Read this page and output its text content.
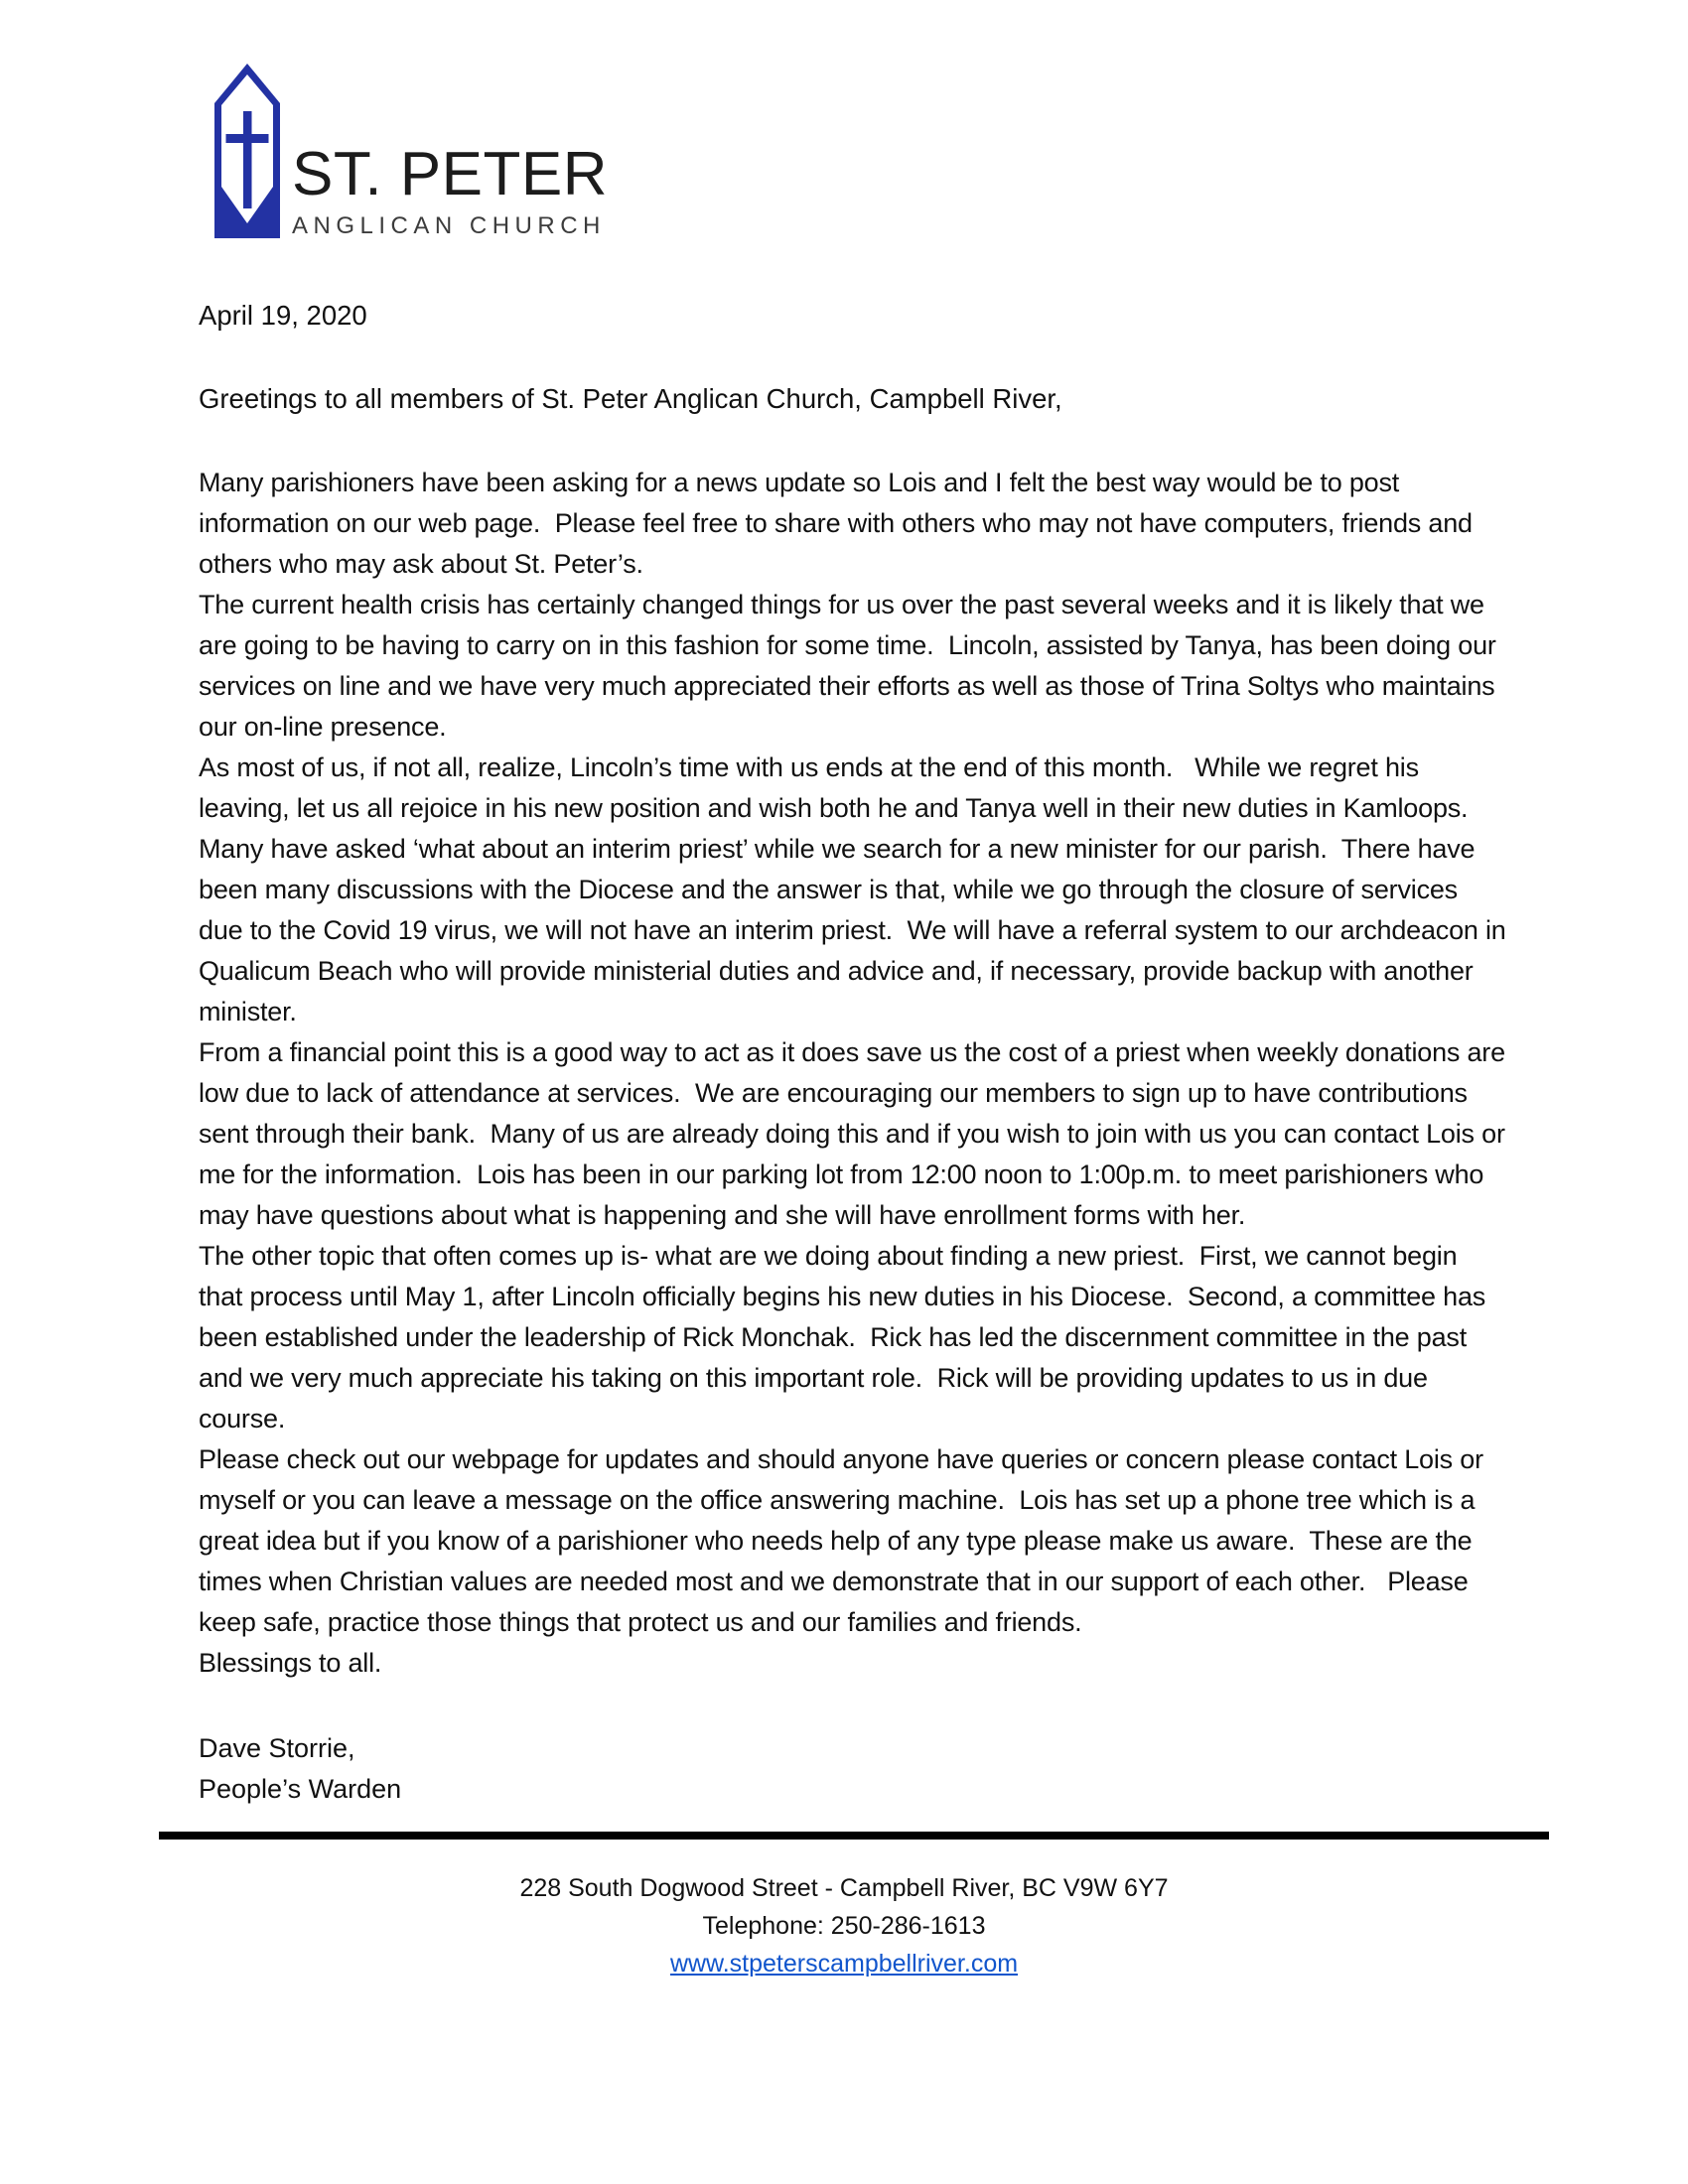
ST. PETER
ANGLICAN CHURCH
April 19, 2020
Greetings to all members of St. Peter Anglican Church, Campbell River,

Many parishioners have been asking for a news update so Lois and I felt the best way would be to post information on our web page.  Please feel free to share with others who may not have computers, friends and others who may ask about St. Peter’s.

The current health crisis has certainly changed things for us over the past several weeks and it is likely that we are going to be having to carry on in this fashion for some time.  Lincoln, assisted by Tanya, has been doing our services on line and we have very much appreciated their efforts as well as those of Trina Soltys who maintains our on-line presence.

As most of us, if not all, realize, Lincoln’s time with us ends at the end of this month.   While we regret his leaving, let us all rejoice in his new position and wish both he and Tanya well in their new duties in Kamloops.

Many have asked ‘what about an interim priest’ while we search for a new minister for our parish.  There have been many discussions with the Diocese and the answer is that, while we go through the closure of services due to the Covid 19 virus, we will not have an interim priest.  We will have a referral system to our archdeacon in Qualicum Beach who will provide ministerial duties and advice and, if necessary, provide backup with another minister.

From a financial point this is a good way to act as it does save us the cost of a priest when weekly donations are low due to lack of attendance at services.  We are encouraging our members to sign up to have contributions sent through their bank.  Many of us are already doing this and if you wish to join with us you can contact Lois or me for the information.  Lois has been in our parking lot from 12:00 noon to 1:00p.m. to meet parishioners who may have questions about what is happening and she will have enrollment forms with her.

The other topic that often comes up is- what are we doing about finding a new priest.  First, we cannot begin that process until May 1, after Lincoln officially begins his new duties in his Diocese.  Second, a committee has been established under the leadership of Rick Monchak.  Rick has led the discernment committee in the past and we very much appreciate his taking on this important role.  Rick will be providing updates to us in due course.

Please check out our webpage for updates and should anyone have queries or concern please contact Lois or myself or you can leave a message on the office answering machine.  Lois has set up a phone tree which is a great idea but if you know of a parishioner who needs help of any type please make us aware.  These are the times when Christian values are needed most and we demonstrate that in our support of each other.   Please keep safe, practice those things that protect us and our families and friends.

Blessings to all.

Dave Storrie,
People’s Warden
228 South Dogwood Street - Campbell River, BC V9W 6Y7
Telephone: 250-286-1613
www.stpeterscampbellriver.com
